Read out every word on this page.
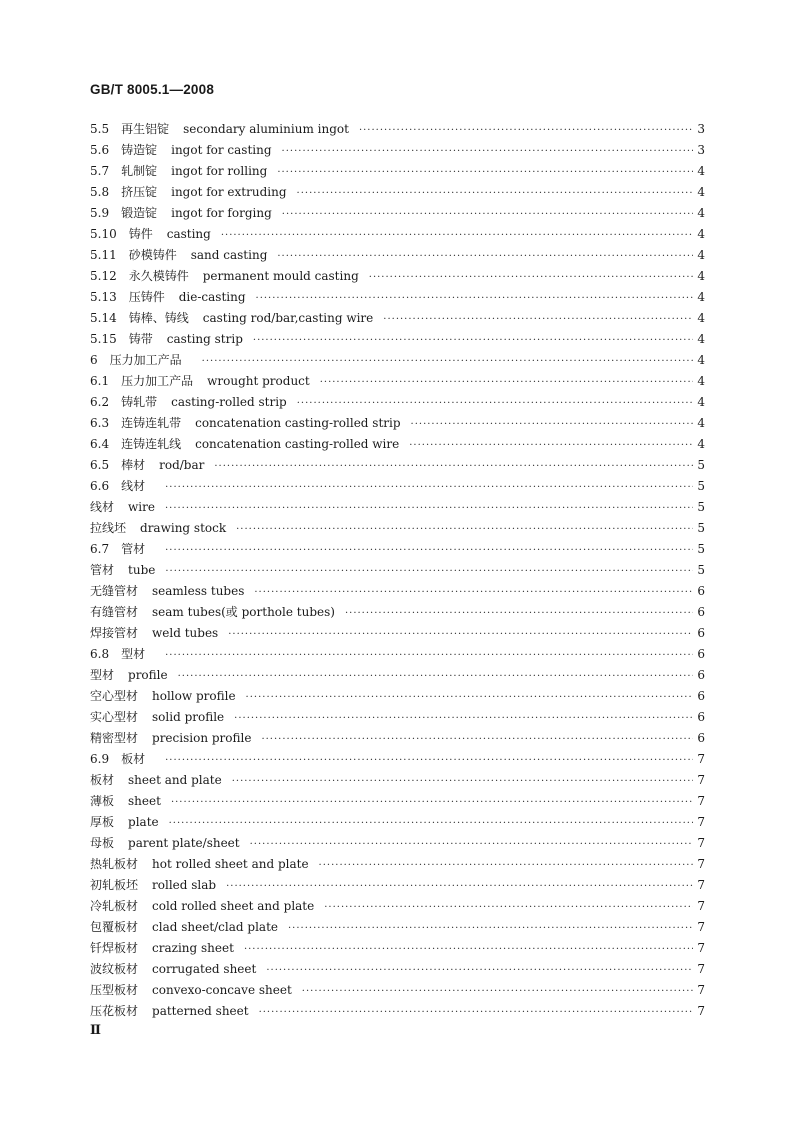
GB/T 8005.1—2008
5.5 再生铝锭 secondary aluminium ingot ·····	3
5.6 铸造锭 ingot for casting ·····	3
5.7 轧制锭 ingot for rolling ·····	4
5.8 挤压锭 ingot for extruding ·····	4
5.9 锻造锭 ingot for forging ·····	4
5.10 铸件 casting ·····	4
5.11 砂模铸件 sand casting ·····	4
5.12 永久模铸件 permanent mould casting ·····	4
5.13 压铸件 die-casting ·····	4
5.14 铸棒、铸线 casting rod/bar,casting wire ·····	4
5.15 铸带 casting strip ·····	4
6 压力加工产品 ·····	4
6.1 压力加工产品 wrought product ·····	4
6.2 铸轧带 casting-rolled strip ·····	4
6.3 连铸连轧带 concatenation casting-rolled strip ·····	4
6.4 连铸连轧线 concatenation casting-rolled wire ·····	4
6.5 棒材 rod/bar ·····	5
6.6 线材 ·····	5
线材 wire ·····	5
拉线坯 drawing stock ·····	5
6.7 管材 ·····	5
管材 tube ·····	5
无缝管材 seamless tubes ·····	6
有缝管材 seam tubes(或 porthole tubes) ·····	6
焊接管材 weld tubes ·····	6
6.8 型材 ·····	6
型材 profile ·····	6
空心型材 hollow profile ·····	6
实心型材 solid profile ·····	6
精密型材 precision profile ·····	6
6.9 板材 ·····	7
板材 sheet and plate ·····	7
薄板 sheet ·····	7
厚板 plate ·····	7
母板 parent plate/sheet ·····	7
热轧板材 hot rolled sheet and plate ·····	7
初轧板坯 rolled slab ·····	7
冷轧板材 cold rolled sheet and plate ·····	7
包覆板材 clad sheet/clad plate ·····	7
钎焊板材 crazing sheet ·····	7
波纹板材 corrugated sheet ·····	7
压型板材 convexo-concave sheet ·····	7
压花板材 patterned sheet ·····	7
Ⅱ
